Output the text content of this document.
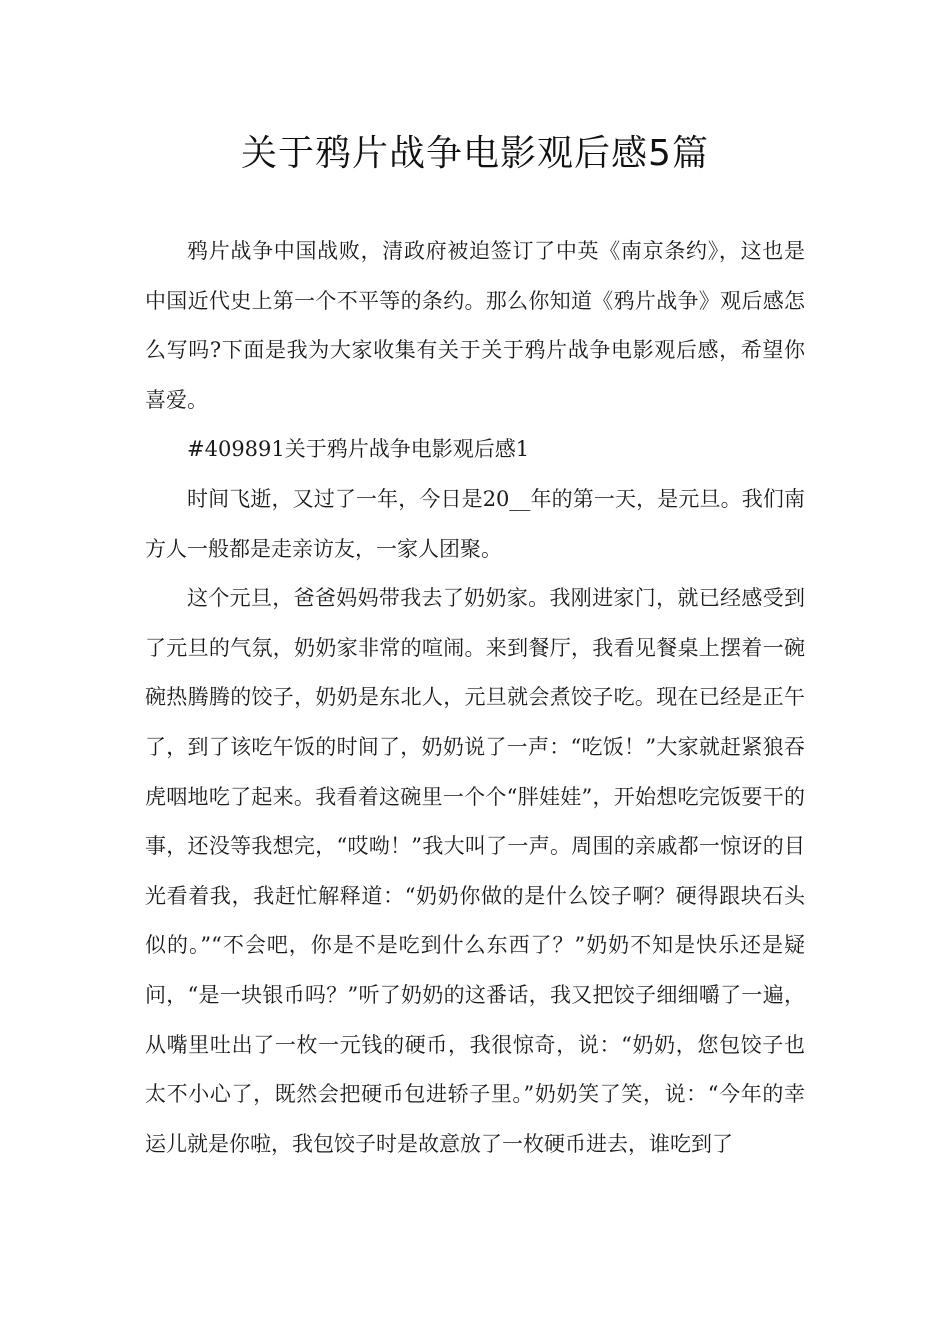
关于鸦片战争电影观后感5篇

鸦片战争中国战败，清政府被迫签订了中英《南京条约》，这也是中国近代史上第一个不平等的条约。那么你知道《鸦片战争》观后感怎么写吗?下面是我为大家收集有关于关于鸦片战争电影观后感，希望你喜爱。

#409891关于鸦片战争电影观后感1

时间飞逝，又过了一年，今日是20__年的第一天，是元旦。我们南方人一般都是走亲访友，一家人团聚。

这个元旦，爸爸妈妈带我去了奶奶家。我刚进家门，就已经感受到了元旦的气氛，奶奶家非常的喧闹。来到餐厅，我看见餐桌上摆着一碗碗热腾腾的饺子，奶奶是东北人，元旦就会煮饺子吃。现在已经是正午了，到了该吃午饭的时间了，奶奶说了一声：“吃饭！”大家就赶紧狼吞虎咽地吃了起来。我看着这碗里一个个“胖娃娃”，开始想吃完饭要干的事，还没等我想完，“哎呦！”我大叫了一声。周围的亲戚都一惊讶的目光看着我，我赶忙解释道：“奶奶你做的是什么饺子啊？硬得跟块石头似的。”“不会吧，你是不是吃到什么东西了？”奶奶不知是快乐还是疑问，“是一块银币吗？”听了奶奶的这番话，我又把饺子细细嚼了一遍，从嘴里吐出了一枚一元钱的硬币，我很惊奇，说：“奶奶，您包饺子也太不小心了，既然会把硬币包进轿子里。”奶奶笑了笑，说：“今年的幸运儿就是你啦，我包饺子时是故意放了一枚硬币进去，谁吃到了
